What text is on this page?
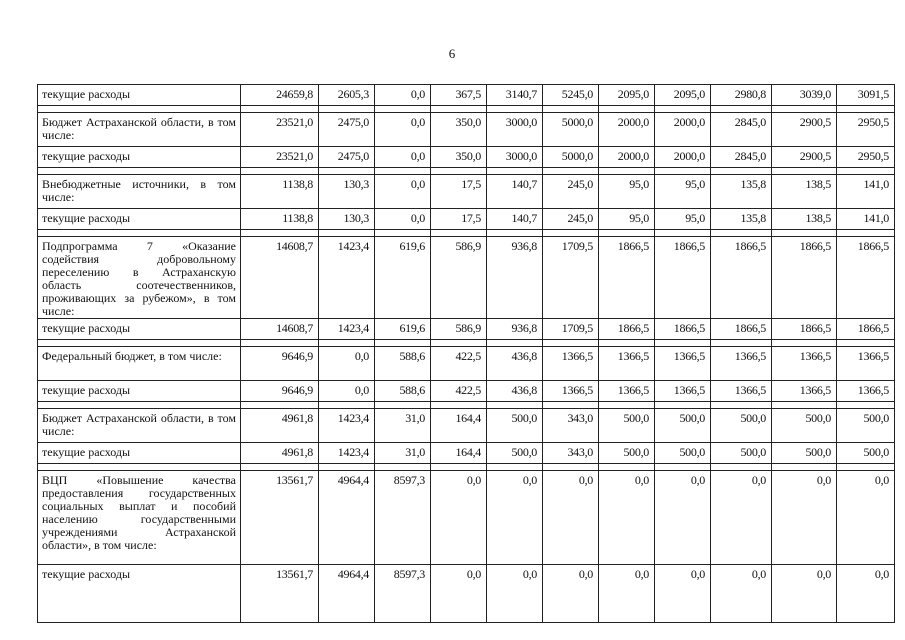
6
текущие расходы	24659,8	2605,3	0,0	367,5	3140,7	5245,0	2095,0	2095,0	2980,8	3039,0	3091,5

Бюджет Астраханской области, в том числе:	23521,0	2475,0	0,0	350,0	3000,0	5000,0	2000,0	2000,0	2845,0	2900,5	2950,5
текущие расходы	23521,0	2475,0	0,0	350,0	3000,0	5000,0	2000,0	2000,0	2845,0	2900,5	2950,5

Внебюджетные источники, в том числе:	1138,8	130,3	0,0	17,5	140,7	245,0	95,0	95,0	135,8	138,5	141,0
текущие расходы	1138,8	130,3	0,0	17,5	140,7	245,0	95,0	95,0	135,8	138,5	141,0

Подпрограмма 7 «Оказание содействия добровольному переселению в Астраханскую область соотечественников, проживающих за рубежом», в том числе:	14608,7	1423,4	619,6	586,9	936,8	1709,5	1866,5	1866,5	1866,5	1866,5	1866,5
текущие расходы	14608,7	1423,4	619,6	586,9	936,8	1709,5	1866,5	1866,5	1866,5	1866,5	1866,5

Федеральный бюджет, в том числе:	9646,9	0,0	588,6	422,5	436,8	1366,5	1366,5	1366,5	1366,5	1366,5	1366,5
текущие расходы	9646,9	0,0	588,6	422,5	436,8	1366,5	1366,5	1366,5	1366,5	1366,5	1366,5

Бюджет Астраханской области, в том числе:	4961,8	1423,4	31,0	164,4	500,0	343,0	500,0	500,0	500,0	500,0	500,0
текущие расходы	4961,8	1423,4	31,0	164,4	500,0	343,0	500,0	500,0	500,0	500,0	500,0

ВЦП «Повышение качества предоставления государственных социальных выплат и пособий населению государственными учреждениями Астраханской области», в том числе:	13561,7	4964,4	8597,3	0,0	0,0	0,0	0,0	0,0	0,0	0,0	0,0
текущие расходы	13561,7	4964,4	8597,3	0,0	0,0	0,0	0,0	0,0	0,0	0,0	0,0
